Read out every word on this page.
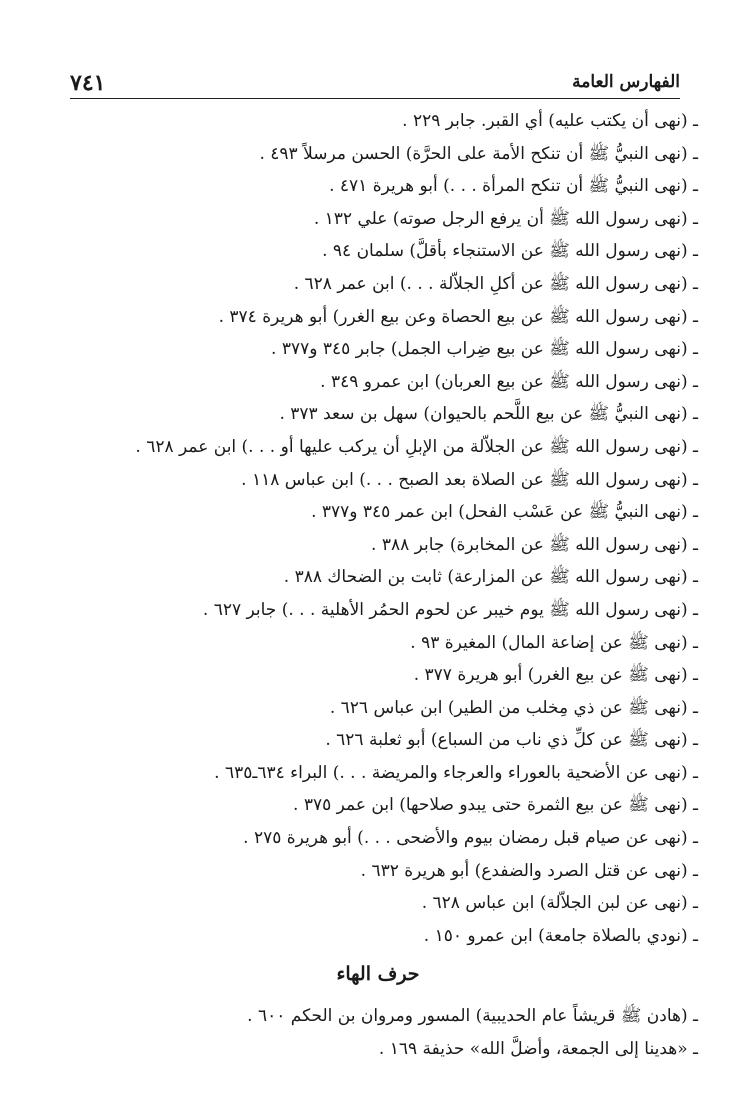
٧٤١	الفهارس العامة
ـ (نهى أن يكتب عليه) أي القبر. جابر ٢٢٩ .
ـ (نهى النبيُّ ﷺ أن تنكح الأمة على الحرَّة) الحسن مرسلاً ٤٩٣ .
ـ (نهى النبيُّ ﷺ أن تنكح المرأة . . .) أبو هريرة ٤٧١ .
ـ (نهى رسول الله ﷺ أن يرفع الرجل صوته) علي ١٣٢ .
ـ (نهى رسول الله ﷺ عن الاستنجاء بأقلَّ) سلمان ٩٤ .
ـ (نهى رسول الله ﷺ عن أكلِ الجلاّلة . . .) ابن عمر ٦٢٨ .
ـ (نهى رسول الله ﷺ عن بيع الحصاة وعن بيع الغرر) أبو هريرة ٣٧٤ .
ـ (نهى رسول الله ﷺ عن بيع ضِراب الجمل) جابر ٣٤٥ و٣٧٧ .
ـ (نهى رسول الله ﷺ عن بيع العربان) ابن عمرو ٣٤٩ .
ـ (نهى النبيُّ ﷺ عن بيع اللَّحم بالحيوان) سهل بن سعد ٣٧٣ .
ـ (نهى رسول الله ﷺ عن الجلاّلة من الإبلِ أن يركب عليها أو . . .) ابن عمر ٦٢٨ .
ـ (نهى رسول الله ﷺ عن الصلاة بعد الصبح . . .) ابن عباس ١١٨ .
ـ (نهى النبيُّ ﷺ عن عَسْب الفحل) ابن عمر ٣٤٥ و٣٧٧ .
ـ (نهى رسول الله ﷺ عن المخابرة) جابر ٣٨٨ .
ـ (نهى رسول الله ﷺ عن المزارعة) ثابت بن الضحاك ٣٨٨ .
ـ (نهى رسول الله ﷺ يوم خيبر عن لحوم الحمُر الأهلية . . .) جابر ٦٢٧ .
ـ (نهى ﷺ عن إضاعة المال) المغيرة ٩٣ .
ـ (نهى ﷺ عن بيع الغرر) أبو هريرة ٣٧٧ .
ـ (نهى ﷺ عن ذي مِخلب من الطير) ابن عباس ٦٢٦ .
ـ (نهى ﷺ عن كلِّ ذي ناب من السباع) أبو ثعلبة ٦٢٦ .
ـ (نهى عن الأضحية بالعوراء والعرجاء والمريضة . . .) البراء ٦٣٤ـ٦٣٥ .
ـ (نهى ﷺ عن بيع الثمرة حتى يبدو صلاحها) ابن عمر ٣٧٥ .
ـ (نهى عن صيام قبل رمضان بيوم والأضحى . . .) أبو هريرة ٢٧٥ .
ـ (نهى عن قتل الصرد والضفدع) أبو هريرة ٦٣٢ .
ـ (نهى عن لبن الجلاّلة) ابن عباس ٦٢٨ .
ـ (نودي بالصلاة جامعة) ابن عمرو ١٥٠ .
حرف الهاء
ـ (هادن ﷺ قريشاً عام الحديبية) المسور ومروان بن الحكم ٦٠٠ .
ـ «هدينا إلى الجمعة، وأضلَّ الله» حذيفة ١٦٩ .
